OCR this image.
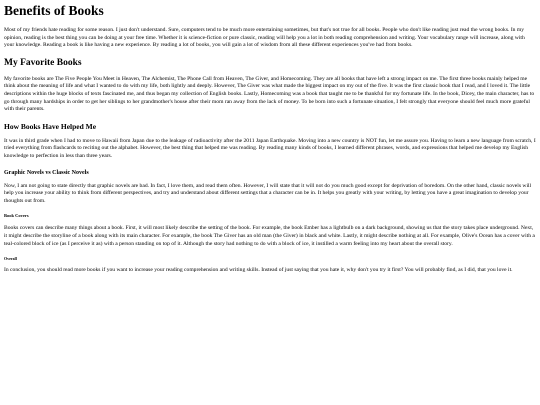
Benefits of Books

Most of my friends hate reading for some reason. I just don't understand. Sure, computers tend to be much more entertaining sometimes, but that's not true for all books. People who don't like reading just read the wrong books. In my opinion, reading is the best thing you can be doing at your free time. Whether it is science-fiction or pure classic, reading will help you a lot in both reading comprehension and writing. Your vocabulary range will increase, along with your knowledge. Reading a book is like having a new experience. By reading a lot of books, you will gain a lot of wisdom from all these different experiences you've had from books.

My Favorite Books

My favorite books are The Five People You Meet in Heaven, The Alchemist, The Phone Call from Heaven, The Giver, and Homecoming. They are all books that have left a strong impact on me. The first three books mainly helped me think about the meaning of life and what I wanted to do with my life, both lightly and deeply. However, The Giver was what made the biggest impact on my out of the five. It was the first classic book that I read, and I loved it. The little descriptions within the huge blocks of texts fascinated me, and thus began my collection of English books. Lastly, Homecoming was a book that taught me to be thankful for my fortunate life. In the book, Dicey, the main character, has to go through many hardships in order to get her siblings to her grandmother's house after their mom ran away from the lack of money. To be born into such a fortunate situation, I felt strongly that everyone should feel much more grateful with their parents.

How Books Have Helped Me

It was in third grade when I had to move to Hawaii from Japan due to the leakage of radioactivity after the 2011 Japan Earthquake. Moving into a new country is NOT fun, let me assure you. Having to learn a new language from scratch, I tried everything from flashcards to reciting out the alphabet. However, the best thing that helped me was reading. By reading many kinds of books, I learned different phrases, words, and expressions that helped me develop my English knowledge to perfection in less than three years.

Graphic Novels vs Classic Novels

Now, I am not going to state directly that graphic novels are bad. In fact, I love them, and read them often. However, I will state that it will not do you much good except for deprivation of boredom. On the other hand, classic novels will help you increase your ability to think from different perspectives, and try and understand about different settings that a character can be in. It helps you greatly with your writing, by letting you have a great imagination to develop your thoughts out from.

Book Covers

Books covers can describe many things about a book. First, it will most likely describe the setting of the book. For example, the book Ember has a lightbulb on a dark background, showing us that the story takes place underground. Next, it might describe the storyline of a book along with its main character. For example, the book The Giver has an old man (the Giver) in black and white. Lastly, it might describe nothing at all. For example, Olive's Ocean has a cover with a teal-colored block of ice (as I perceive it as) with a person standing on top of it. Although the story had nothing to do with a block of ice, it instilled a warm feeling into my heart about the overall story.

Overall

In conclusion, you should read more books if you want to increase your reading comprehension and writing skills. Instead of just saying that you hate it, why don't you try it first? You will probably find, as I did, that you love it.
